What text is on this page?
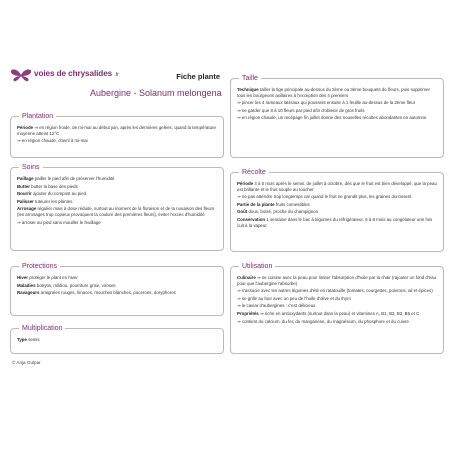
voies de chrysalides .fr	Fiche plante
Aubergine - Solanum melongena
Plantation

Période ⇒ en région froide, de mi-mai au début juin, après les dernières gelées, quand la température moyenne atteint 12°C

⇒ en région chaude, d'avril à mi-mai

Soins

Paillage pailler le pied afin de préserver l'humidité

Butter butter la base des pieds

Nourrir ajouter du compost au pied

Palisser tuteurer les plantes

Arrosage régulier mais à dose réduite, surtout au moment de la floraison et de la nouaison des fleurs (les arrosages trop copieux provoquent la coulure des premières fleurs), éviter l'excès d'humidité

⇒ arroser au pied sans mouiller le feuillage

Protections

Hiver protéger le plant en hiver

Maladies botrytis, mildiou, pourriture grise, viroses

Ravageurs araignées rouges, limaces, mouches blanches, pucerons, doryphores

Multiplication

Type semis

© Anja Gulpar
Taille

Technique tailler la tige principale au-dessus du 2ème ou 3ème bouquets de fleurs, puis supprimer tous les bourgeons axillaires à l'exception des 4 premiers

⇒ pincer les 4 rameaux latéraux qui poussent ensuite à 1 feuille au-dessus de la 2ème fleur

⇒ ne garder que 8 à 10 fleurs par pied afin d'obtenir de gros fruits

⇒ en région chaude, un recépage fin juillet donne des nouvelles récoltes abondantes en automne

Récolte

Période 4 à 5 mois après le semis, de juillet à octobre, dès que le fruit est bien développé, que la peau est brillante et le fruit souple au toucher

⇒ ne pas attendre trop longtemps car quand le fruit ne grandit plus, les graines durcissent

Partie de la plante fruits comestibles

Goût doux, boisé, proche du champignon

Conservation 1 semaine dans le bac à légumes du réfrigérateur, 6 à 8 mois au congélateur une fois cuit à la vapeur

Utilisation

Culinaire ⇒ se cuisine avec la peau pour limiter l'absorption d'huile par la chair (rajouter un fond d'eau pour que l'aubergine l'absorbe)

⇒ s'associe avec les autres légumes d'été en ratatouille (tomates, courgettes, poivrons, ail et épices)

⇒ se grille au four avec un peu de l'huile d'olive et du thym

⇒ le caviar d'aubergines : c'est délicieux

Propriétés ⇒ riche en antioxydants (surtout dans la peau) et vitamines A, B1, B2, B3, B6 et C

⇒ contient du calcium, du fer, du manganèse, du magnésium, du phosphore et du cuivre
